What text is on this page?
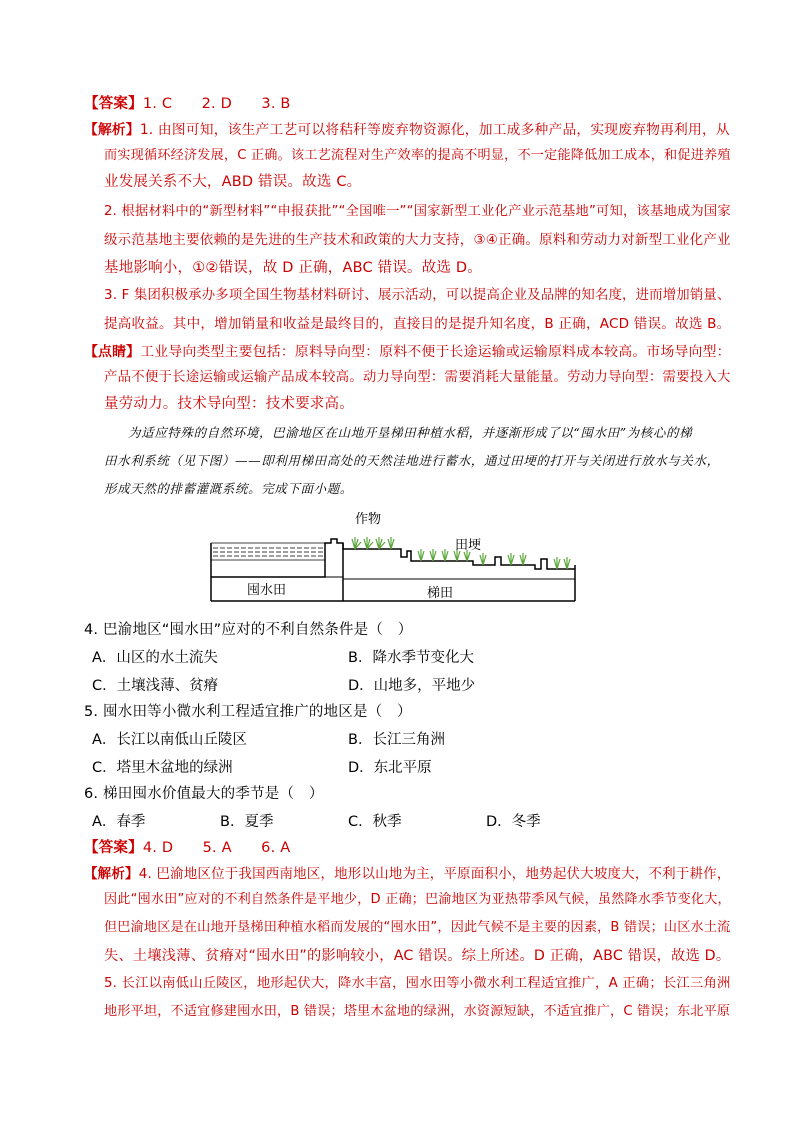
【答案】1. C　　2. D　　3. B
【解析】1. 由图可知，该生产工艺可以将秸秆等废弃物资源化，加工成多种产品，实现废弃物再利用，从
而实现循环经济发展，C 正确。该工艺流程对生产效率的提高不明显，不一定能降低加工成本，和促进养殖
业发展关系不大，ABD 错误。故选 C。
2. 根据材料中的“新型材料”“申报获批”“全国唯一”“国家新型工业化产业示范基地”可知，该基地成为国家
级示范基地主要依赖的是先进的生产技术和政策的大力支持，③④正确。原料和劳动力对新型工业化产业
基地影响小，①②错误，故 D 正确，ABC 错误。故选 D。
3. F 集团积极承办多项全国生物基材料研讨、展示活动，可以提高企业及品牌的知名度，进而增加销量、
提高收益。其中，增加销量和收益是最终目的，直接目的是提升知名度，B 正确，ACD 错误。故选 B。
【点睛】工业导向类型主要包括：原料导向型：原料不便于长途运输或运输原料成本较高。市场导向型：
产品不便于长途运输或运输产品成本较高。动力导向型：需要消耗大量能量。劳动力导向型：需要投入大
量劳动力。技术导向型：技术要求高。
为适应特殊的自然环境，巴渝地区在山地开垦梯田种植水稻，并逐渐形成了以“囤水田”为核心的梯
田水利系统（见下图）——即利用梯田高处的天然洼地进行蓄水，通过田埂的打开与关闭进行放水与关水，
形成天然的排蓄灌溉系统。完成下面小题。
作物
田埂
囤水田	梯田
4. 巴渝地区“囤水田”应对的不利自然条件是（　）
A．山区的水土流失	B．降水季节变化大
C．土壤浅薄、贫瘠	D．山地多，平地少
5. 囤水田等小微水利工程适宜推广的地区是（　）
A．长江以南低山丘陵区	B．长江三角洲
C．塔里木盆地的绿洲	D．东北平原
6. 梯田囤水价值最大的季节是（　）
A．春季	B．夏季	C．秋季	D．冬季
【答案】4. D　　5. A　　6. A
【解析】4. 巴渝地区位于我国西南地区，地形以山地为主，平原面积小，地势起伏大坡度大，不利于耕作，
因此“囤水田”应对的不利自然条件是平地少，D 正确；巴渝地区为亚热带季风气候，虽然降水季节变化大，
但巴渝地区是在山地开垦梯田种植水稻而发展的“囤水田”，因此气候不是主要的因素，B 错误；山区水土流
失、土壤浅薄、贫瘠对“囤水田”的影响较小，AC 错误。综上所述。D 正确，ABC 错误，故选 D。
5. 长江以南低山丘陵区，地形起伏大，降水丰富，囤水田等小微水利工程适宜推广，A 正确；长江三角洲
地形平坦，不适宜修建囤水田，B 错误；塔里木盆地的绿洲，水资源短缺，不适宜推广，C 错误；东北平原
